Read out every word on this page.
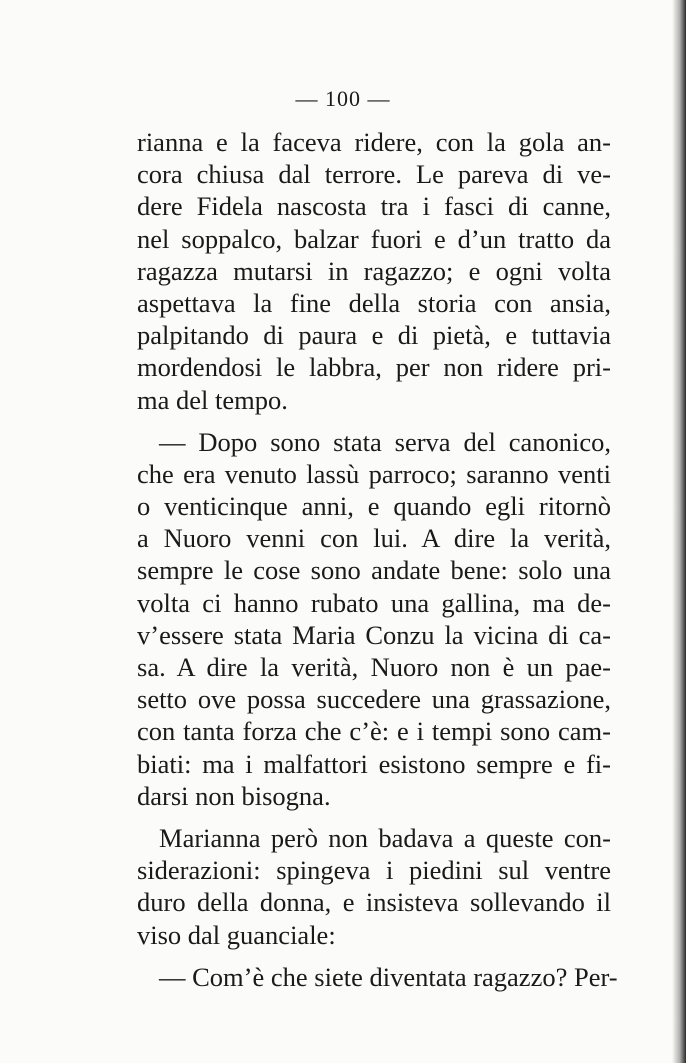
— 100 —
rianna e la faceva ridere, con la gola an-
cora chiusa dal terrore. Le pareva di ve-
dere Fidela nascosta tra i fasci di canne,
nel soppalco, balzar fuori e d’un tratto da
ragazza mutarsi in ragazzo; e ogni volta
aspettava la fine della storia con ansia,
palpitando di paura e di pietà, e tuttavia
mordendosi le labbra, per non ridere pri-
ma del tempo.
— Dopo sono stata serva del canonico,
che era venuto lassù parroco; saranno venti
o venticinque anni, e quando egli ritornò
a Nuoro venni con lui. A dire la verità,
sempre le cose sono andate bene: solo una
volta ci hanno rubato una gallina, ma de-
v’essere stata Maria Conzu la vicina di ca-
sa. A dire la verità, Nuoro non è un pae-
setto ove possa succedere una grassazione,
con tanta forza che c’è: e i tempi sono cam-
biati: ma i malfattori esistono sempre e fi-
darsi non bisogna.
Marianna però non badava a queste con-
siderazioni: spingeva i piedini sul ventre
duro della donna, e insisteva sollevando il
viso dal guanciale:
— Com’è che siete diventata ragazzo? Per-
